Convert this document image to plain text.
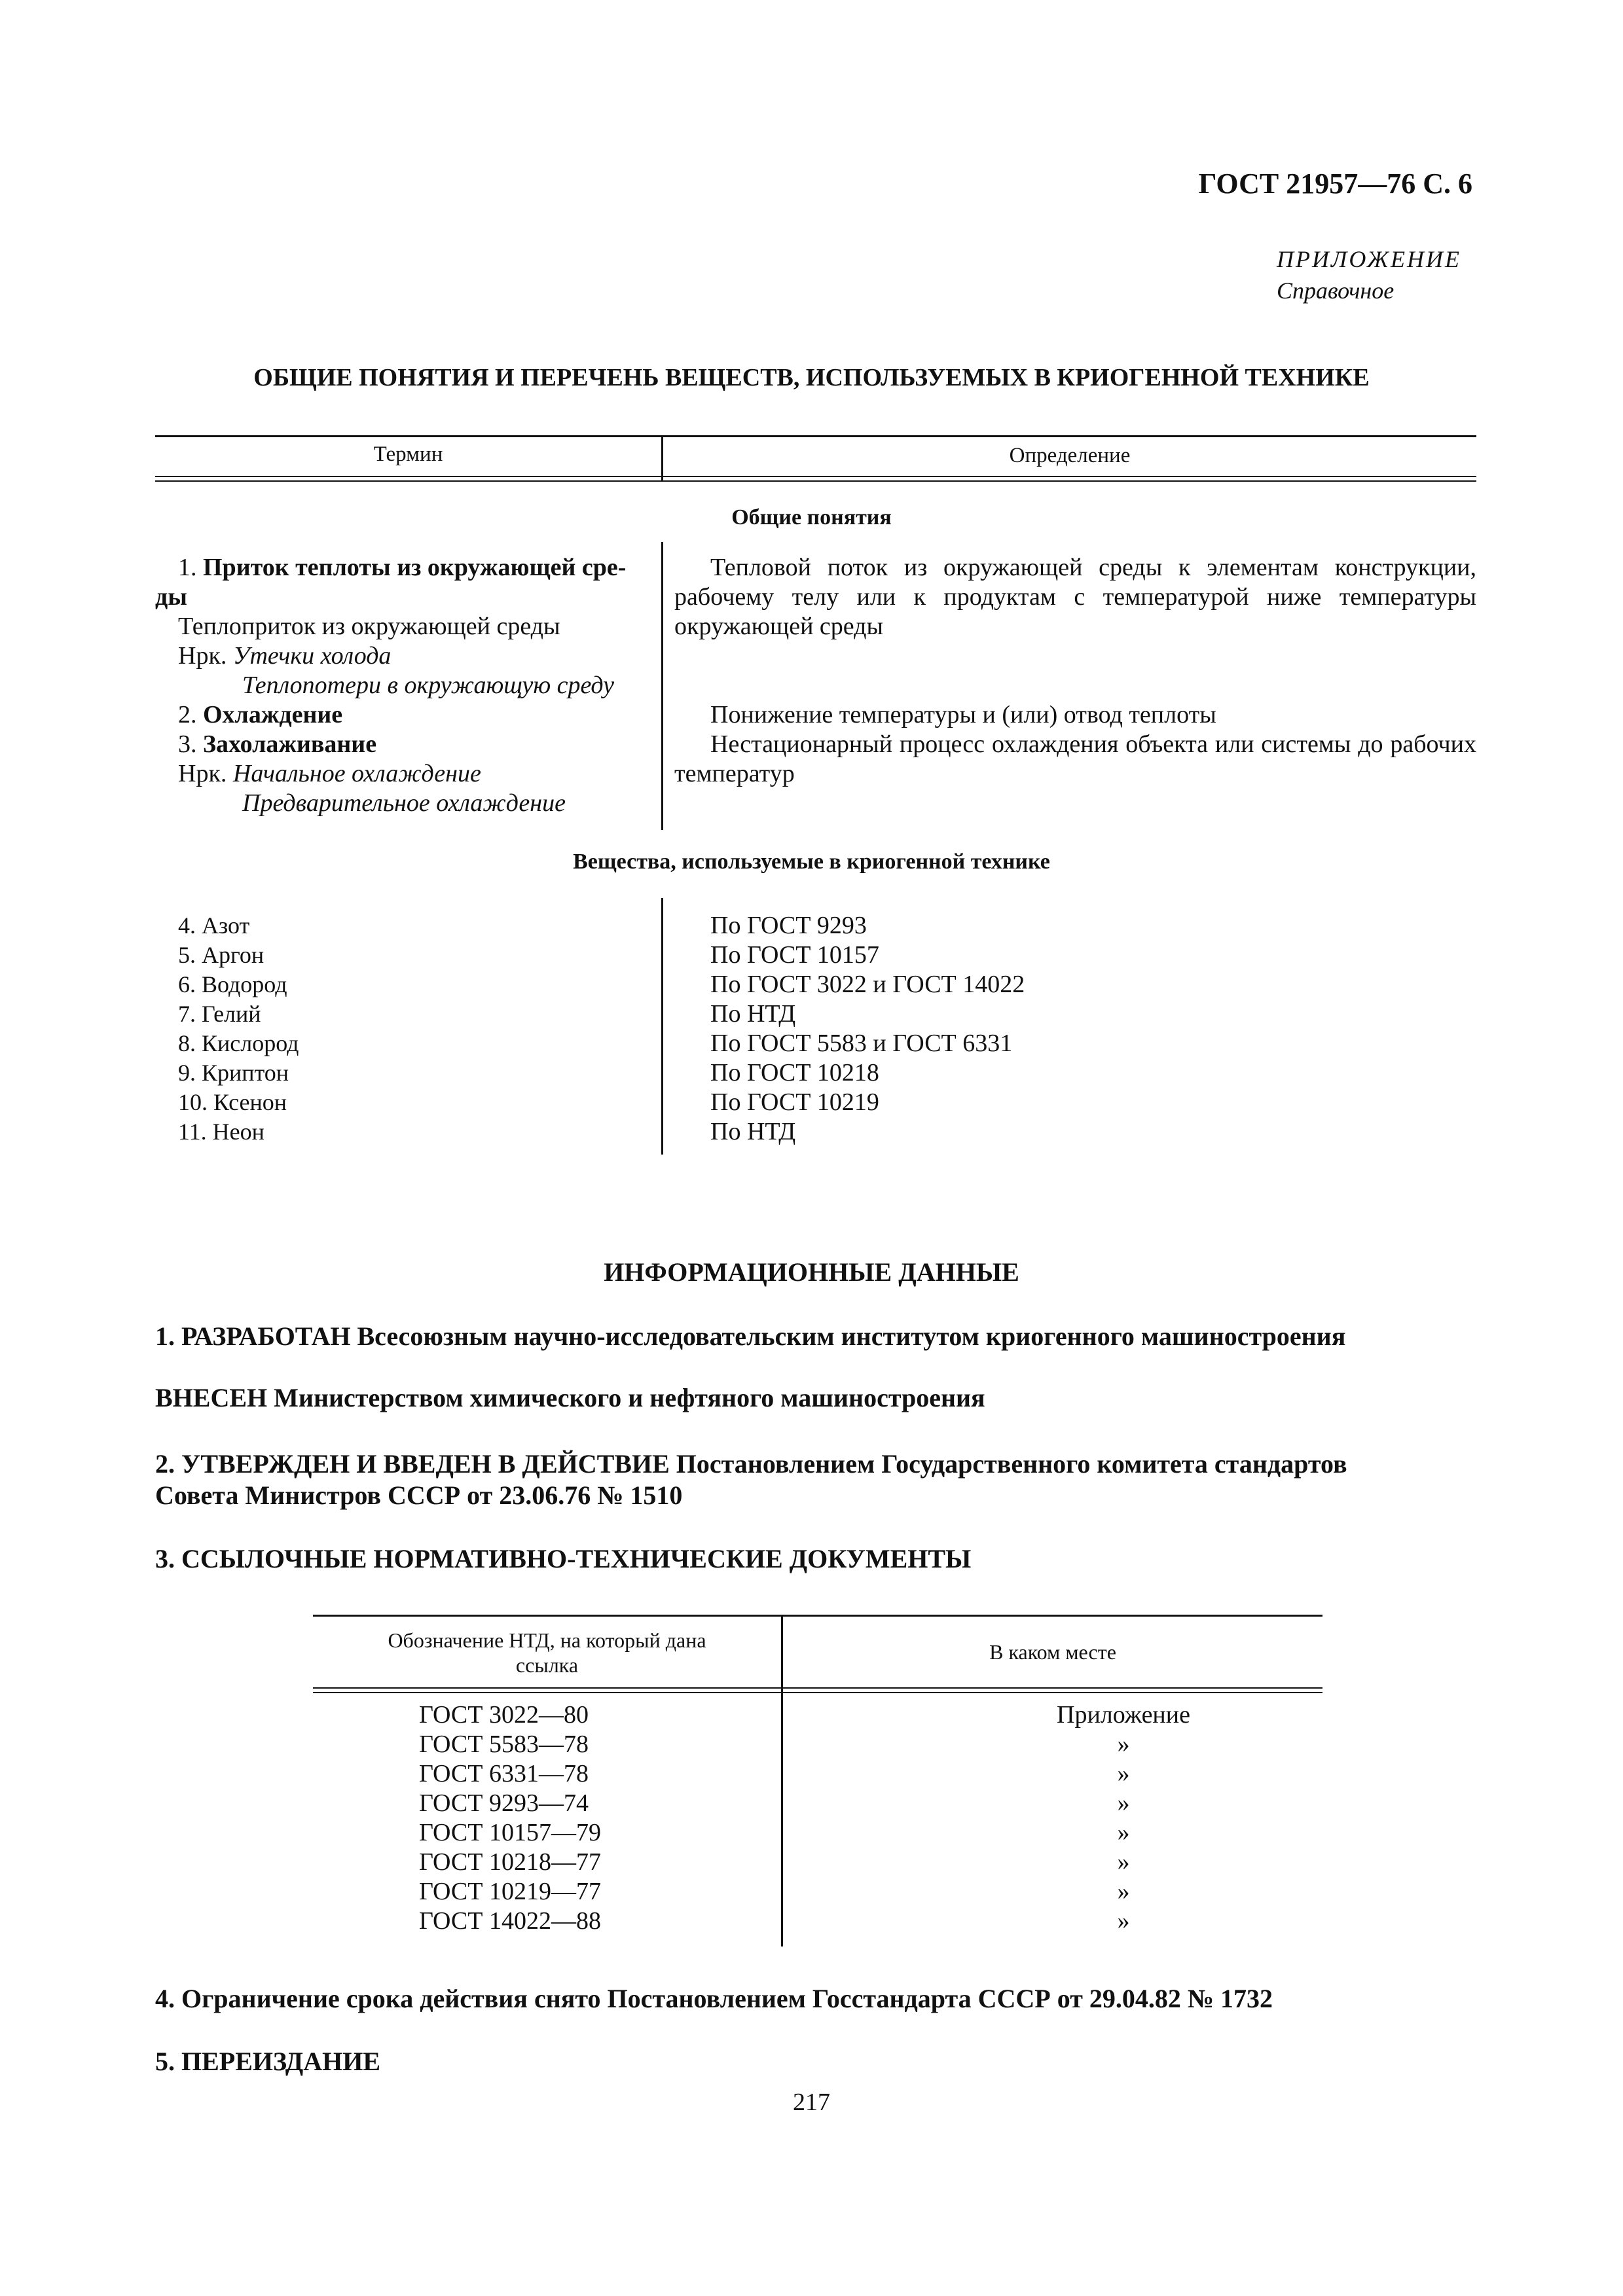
ГОСТ 21957—76 С. 6
ПРИЛОЖЕНИЕ
Справочное
ОБЩИЕ ПОНЯТИЯ И ПЕРЕЧЕНЬ ВЕЩЕСТВ, ИСПОЛЬЗУЕМЫХ В КРИОГЕННОЙ ТЕХНИКЕ
Термин	Определение
Общие понятия
1. Приток теплоты из окружающей сре-
ды
Теплоприток из окружающей среды
Нрк. Утечки холода
Теплопотери в окружающую среду
2. Охлаждение
3. Захолаживание
Нрк. Начальное охлаждение
Предварительное охлаждение
Тепловой поток из окружающей среды к элементам конструкции, рабочему телу или к продуктам с температурой ниже температуры окружающей среды
Понижение температуры и (или) отвод теплоты
Нестационарный процесс охлаждения объекта или системы до рабочих температур
Вещества, используемые в криогенной технике
4. Азот
5. Аргон
6. Водород
7. Гелий
8. Кислород
9. Криптон
10. Ксенон
11. Неон
По ГОСТ 9293
По ГОСТ 10157
По ГОСТ 3022 и ГОСТ 14022
По НТД
По ГОСТ 5583 и ГОСТ 6331
По ГОСТ 10218
По ГОСТ 10219
По НТД
ИНФОРМАЦИОННЫЕ ДАННЫЕ
1. РАЗРАБОТАН Всесоюзным научно-исследовательским институтом криогенного машиностроения
ВНЕСЕН Министерством химического и нефтяного машиностроения
2. УТВЕРЖДЕН И ВВЕДЕН В ДЕЙСТВИЕ Постановлением Государственного комитета стандартов
Совета Министров СССР от 23.06.76 № 1510
3. ССЫЛОЧНЫЕ НОРМАТИВНО-ТЕХНИЧЕСКИЕ ДОКУМЕНТЫ
Обозначение НТД, на который дана
ссылка
В каком месте
ГОСТ 3022—80
ГОСТ 5583—78
ГОСТ 6331—78
ГОСТ 9293—74
ГОСТ 10157—79
ГОСТ 10218—77
ГОСТ 10219—77
ГОСТ 14022—88
Приложение
»
»
»
»
»
»
»
4. Ограничение срока действия снято Постановлением Госстандарта СССР от 29.04.82 № 1732
5. ПЕРЕИЗДАНИЕ
217
